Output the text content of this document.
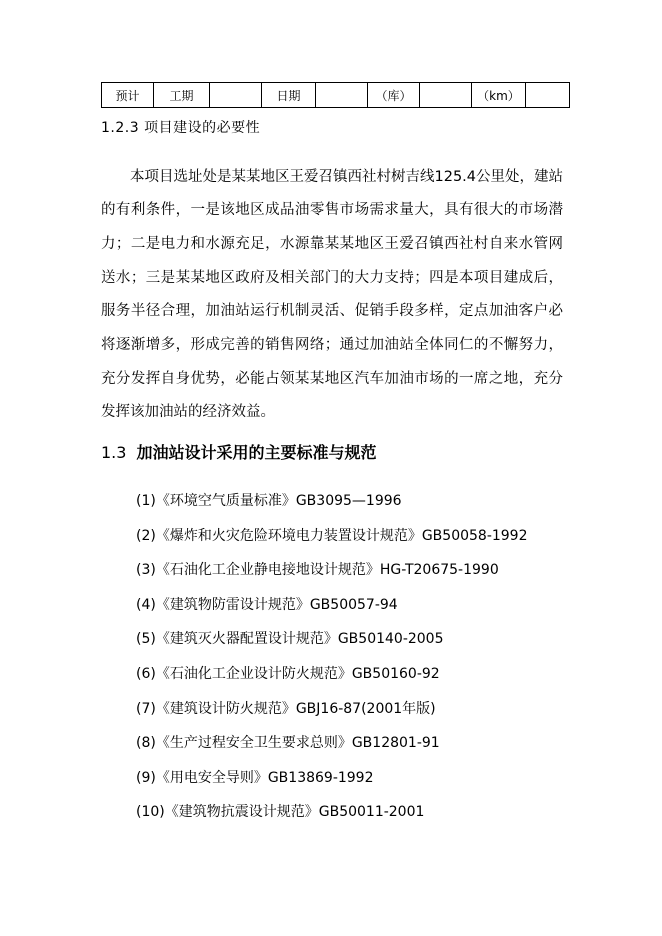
预计	工期		日期		（库）		（km）	
1.2.3 项目建设的必要性

本项目选址处是某某地区王爱召镇西社村树吉线125.4公里处，建站的有利条件，一是该地区成品油零售市场需求量大，具有很大的市场潜力；二是电力和水源充足，水源靠某某地区王爱召镇西社村自来水管网送水；三是某某地区政府及相关部门的大力支持；四是本项目建成后，服务半径合理，加油站运行机制灵活、促销手段多样，定点加油客户必将逐渐增多，形成完善的销售网络；通过加油站全体同仁的不懈努力，充分发挥自身优势，必能占领某某地区汽车加油市场的一席之地，充分发挥该加油站的经济效益。

1.3 加油站设计采用的主要标准与规范
(1)《环境空气质量标准》GB3095—1996
(2)《爆炸和火灾危险环境电力装置设计规范》GB50058-1992
(3)《石油化工企业静电接地设计规范》HG-T20675-1990
(4)《建筑物防雷设计规范》GB50057-94
(5)《建筑灭火器配置设计规范》GB50140-2005
(6)《石油化工企业设计防火规范》GB50160-92
(7)《建筑设计防火规范》GBJ16-87(2001年版)
(8)《生产过程安全卫生要求总则》GB12801-91
(9)《用电安全导则》GB13869-1992
(10)《建筑物抗震设计规范》GB50011-2001
